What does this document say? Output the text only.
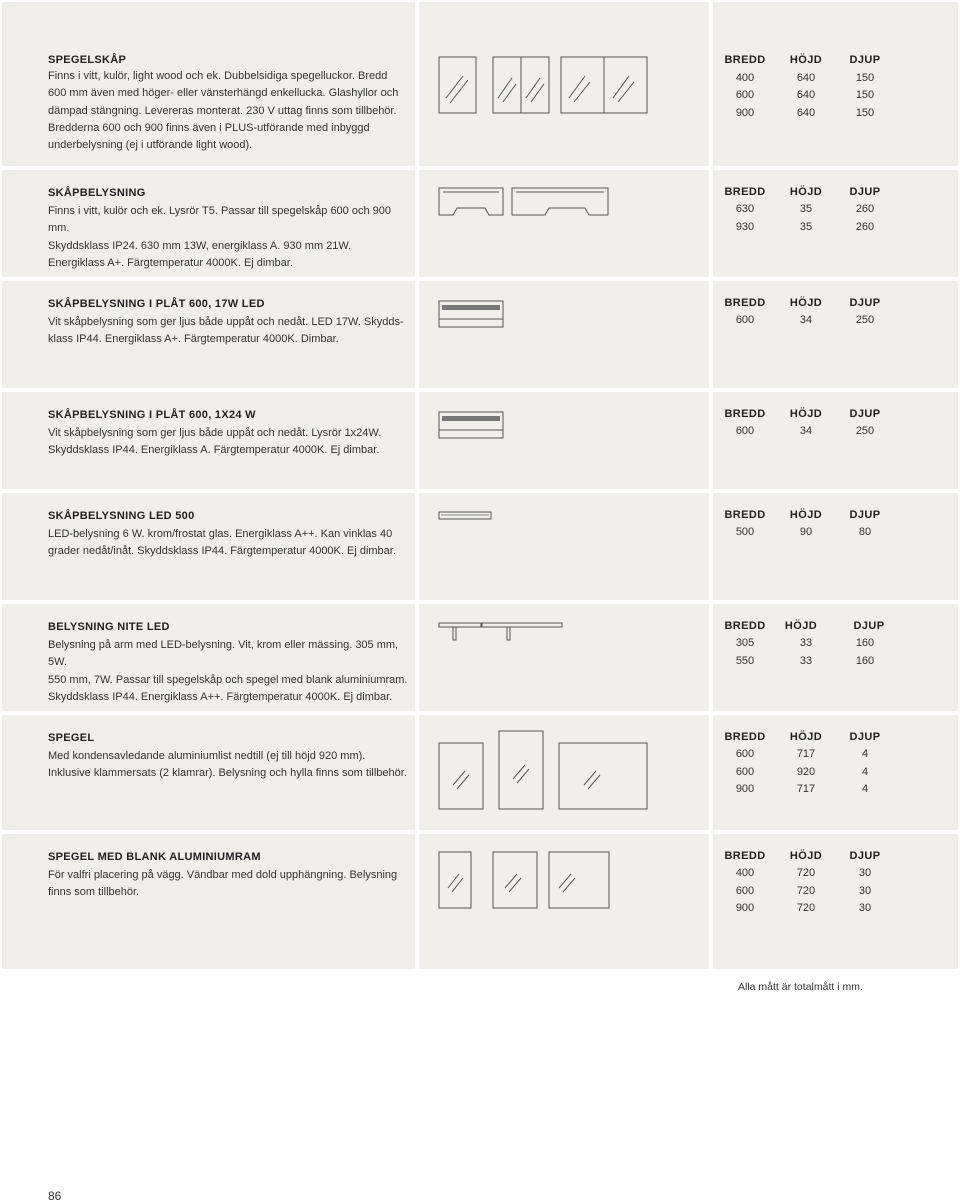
SPEGELSKÅP
Finns i vitt, kulör, light wood och ek. Dubbelsidiga spegelluckor. Bredd
600 mm även med höger- eller vänsterhängd enkellucka. Glashyllor och
dämpad stängning. Levereras monterat. 230 V uttag finns som tillbehör.
Bredderna 600 och 900 finns även i PLUS-utförande med inbyggd
underbelysning (ej i utförande light wood).
BREDD	HÖJD	DJUP
400	640	150
600	640	150
900	640	150
SKÅPBELYSNING
Finns i vitt, kulör och ek. Lysrör T5. Passar till spegelskåp 600 och 900 mm.
Skyddsklass IP24. 630 mm 13W, energiklass A. 930 mm 21W.
Energiklass A+. Färgtemperatur 4000K. Ej dimbar.
BREDD	HÖJD	DJUP
630	35	260
930	35	260
SKÅPBELYSNING I PLÅT 600, 17W LED
Vit skåpbelysning som ger ljus både uppåt och nedåt. LED 17W. Skydds-
klass IP44. Energiklass A+. Färgtemperatur 4000K. Dimbar.
BREDD	HÖJD	DJUP
600	34	250
SKÅPBELYSNING I PLÅT 600, 1X24 W
Vit skåpbelysning som ger ljus både uppåt och nedåt. Lysrör 1x24W.
Skyddsklass IP44. Energiklass A. Färgtemperatur 4000K. Ej dimbar.
BREDD	HÖJD	DJUP
600	34	250
SKÅPBELYSNING LED 500
LED-belysning 6 W. krom/frostat glas. Energiklass A++. Kan vinklas 40
grader nedåt/inåt. Skyddsklass IP44. Färgtemperatur 4000K. Ej dimbar.
BREDD	HÖJD	DJUP
500	90	80
BELYSNING NITE LED
Belysning på arm med LED-belysning. Vit, krom eller mässing. 305 mm, 5W.
550 mm, 7W. Passar till spegelskåp och spegel med blank aluminiumram.
Skyddsklass IP44. Energiklass A++. Färgtemperatur 4000K. Ej dimbar.
BREDD	HÖJD	DJUP
305	33	160
550	33	160
SPEGEL
Med kondensavledande aluminiumlist nedtill (ej till höjd 920 mm).
Inklusive klammersats (2 klamrar). Belysning och hylla finns som tillbehör.
BREDD	HÖJD	DJUP
600	717	4
600	920	4
900	717	4
SPEGEL MED BLANK ALUMINIUMRAM
För valfri placering på vägg. Vändbar med dold upphängning. Belysning
finns som tillbehör.
BREDD	HÖJD	DJUP
400	720	30
600	720	30
900	720	30
Alla mått är totalmått i mm.
86
